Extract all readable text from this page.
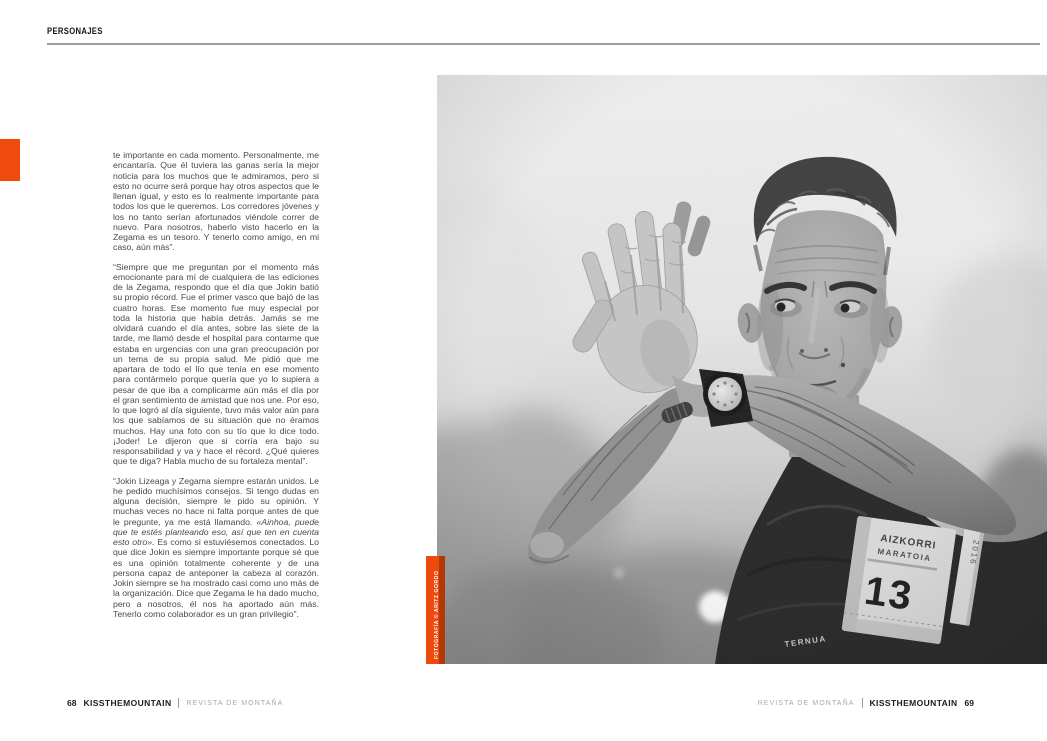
PERSONAJES

te importante en cada momento. Personalmente, me encantaría. Que él tuviera las ganas sería la mejor noticia para los muchos que le admiramos, pero si esto no ocurre será porque hay otros aspectos que le llenan igual, y esto es lo realmente importante para todos los que le queremos. Los corredores jóvenes y los no tanto serían afortunados viéndole correr de nuevo. Para nosotros, haberlo visto hacerlo en la Zegama es un tesoro. Y tenerlo como amigo, en mi caso, aún más”.

“Siempre que me preguntan por el momento más emocionante para mí de cualquiera de las ediciones de la Zegama, respondo que el día que Jokin batió su propio récord. Fue el primer vasco que bajó de las cuatro horas. Ese momento fue muy especial por toda la historia que había detrás. Jamás se me olvidará cuando el día antes, sobre las siete de la tarde, me llamó desde el hospital para contarme que estaba en urgencias con una gran preocupación por un tema de su propia salud. Me pidió que me apartara de todo el lío que tenía en ese momento para contármelo porque quería que yo lo supiera a pesar de que iba a complicarme aún más el día por el gran sentimiento de amistad que nos une. Por eso, lo que logró al día siguiente, tuvo más valor aún para los que sabíamos de su situación que no éramos muchos. Hay una foto con su tío que lo dice todo. ¡Joder! Le dijeron que si corría era bajo su responsabilidad y va y hace el récord. ¿Qué quieres que te diga? Habla mucho de su fortaleza mental”.

“Jokin Lizeaga y Zegama siempre estarán unidos. Le he pedido muchísimos consejos. Si tengo dudas en alguna decisión, siempre le pido su opinión. Y muchas veces no hace ni falta porque antes de que le pregunte, ya me está llamando. «Ainhoa, puede que te estés planteando eso, así que ten en cuenta esto otro». Es como si estuviésemos conectados. Lo que dice Jokin es siempre importante porque sé que es una opinión totalmente coherente y de una persona capaz de anteponer la cabeza al corazón. Jokin siempre se ha mostrado casi como uno más de la organización. Dice que Zegama le ha dado mucho, pero a nosotros, él nos ha aportado aún más. Tenerlo como colaborador es un gran privilegio”.	FOTOGRAFÍA © ARITZ GORDO
68 KISSTHEMOUNTAIN REVISTA DE MONTAÑA	REVISTA DE MONTAÑA KISSTHEMOUNTAIN 69
